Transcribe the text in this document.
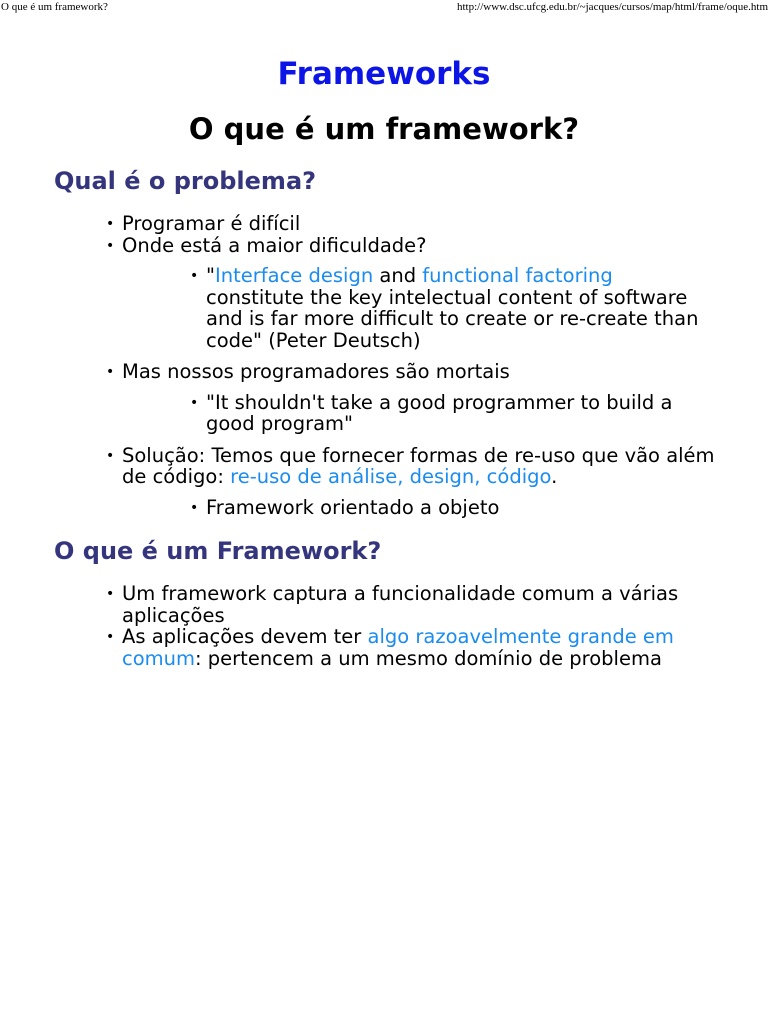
O que é um framework?	http://www.dsc.ufcg.edu.br/~jacques/cursos/map/html/frame/oque.htm
Frameworks
O que é um framework?
Qual é o problema?
• Programar é difícil
• Onde está a maior dificuldade?
• "Interface design and functional factoring constitute the key intelectual content of software and is far more difficult to create or re-create than code" (Peter Deutsch)
• Mas nossos programadores são mortais
• "It shouldn't take a good programmer to build a good program"
• Solução: Temos que fornecer formas de re-uso que vão além de código: re-uso de análise, design, código.
• Framework orientado a objeto
O que é um Framework?
• Um framework captura a funcionalidade comum a várias aplicações
• As aplicações devem ter algo razoavelmente grande em comum: pertencem a um mesmo domínio de problema
